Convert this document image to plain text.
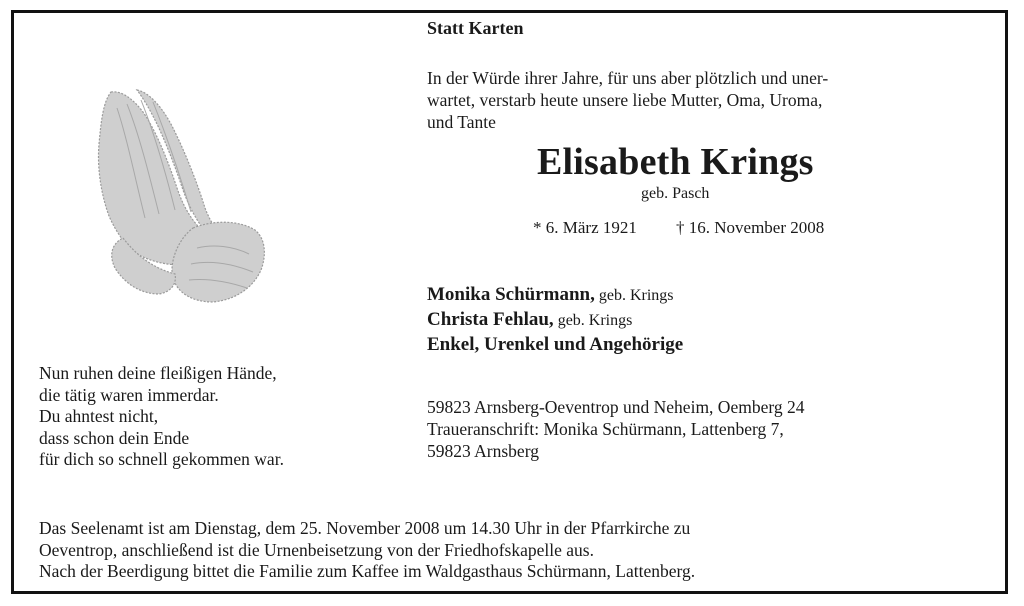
Statt Karten
In der Würde ihrer Jahre, für uns aber plötzlich und uner-
wartet, verstarb heute unsere liebe Mutter, Oma, Uroma,
und Tante
Elisabeth Krings
geb. Pasch
* 6. März 1921 † 16. November 2008
Monika Schürmann, geb. Krings
Christa Fehlau, geb. Krings
Enkel, Urenkel und Angehörige
59823 Arnsberg-Oeventrop und Neheim, Oemberg 24
Traueranschrift: Monika Schürmann, Lattenberg 7,
59823 Arnsberg
Nun ruhen deine fleißigen Hände,
die tätig waren immerdar.
Du ahntest nicht,
dass schon dein Ende
für dich so schnell gekommen war.
Das Seelenamt ist am Dienstag, dem 25. November 2008 um 14.30 Uhr in der Pfarrkirche zu
Oeventrop, anschließend ist die Urnenbeisetzung von der Friedhofskapelle aus.
Nach der Beerdigung bittet die Familie zum Kaffee im Waldgasthaus Schürmann, Lattenberg.
